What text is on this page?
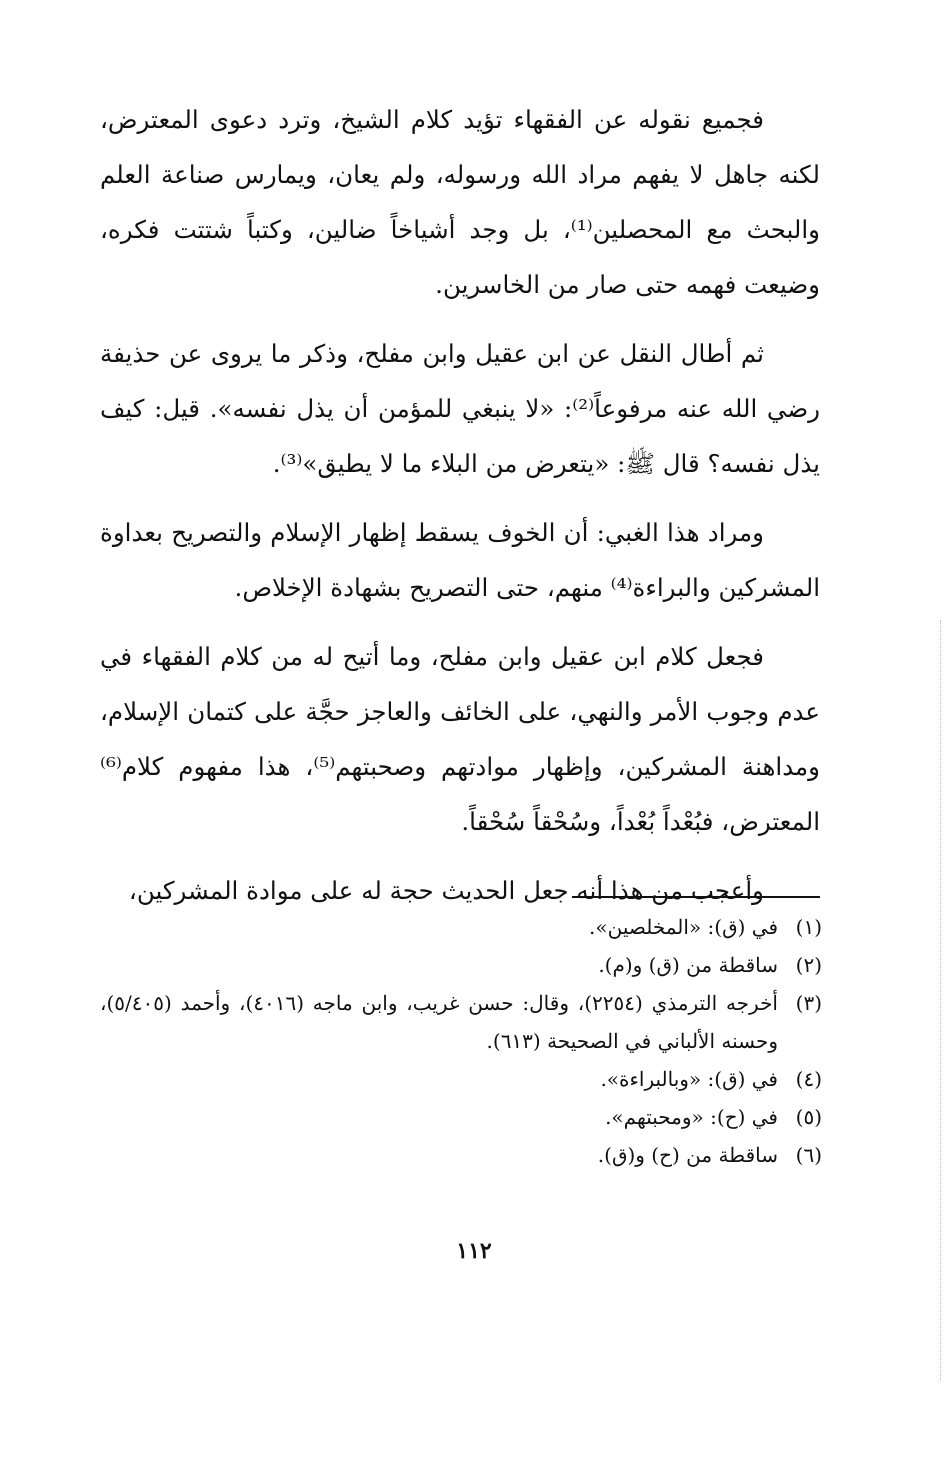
فجميع نقوله عن الفقهاء تؤيد كلام الشيخ، وترد دعوى المعترض، لكنه جاهل لا يفهم مراد الله ورسوله، ولم يعان، ويمارس صناعة العلم والبحث مع المحصلين⁽¹⁾، بل وجد أشياخاً ضالين، وكتباً شتتت فكره، وضيعت فهمه حتى صار من الخاسرين.

ثم أطال النقل عن ابن عقيل وابن مفلح، وذكر ما يروى عن حذيفة رضي الله عنه مرفوعاً⁽²⁾: «لا ينبغي للمؤمن أن يذل نفسه». قيل: كيف يذل نفسه؟ قال ﷺ: «يتعرض من البلاء ما لا يطيق»⁽³⁾.

ومراد هذا الغبي: أن الخوف يسقط إظهار الإسلام والتصريح بعداوة المشركين والبراءة⁽⁴⁾ منهم، حتى التصريح بشهادة الإخلاص.

فجعل كلام ابن عقيل وابن مفلح، وما أتيح له من كلام الفقهاء في عدم وجوب الأمر والنهي، على الخائف والعاجز حجَّة على كتمان الإسلام، ومداهنة المشركين، وإظهار موادتهم وصحبتهم⁽⁵⁾، هذا مفهوم كلام⁽⁶⁾ المعترض، فبُعْداً بُعْداً، وسُحْقاً سُحْقاً.

وأعجب من هذا أنه جعل الحديث حجة له على موادة المشركين،

(١)
في (ق): «المخلصين».
(٢)
ساقطة من (ق) و(م).
(٣)
أخرجه الترمذي (٢٢٥٤)، وقال: حسن غريب، وابن ماجه (٤٠١٦)، وأحمد (٥/٤٠٥)، وحسنه الألباني في الصحيحة (٦١٣).
(٤)
في (ق): «وبالبراءة».
(٥)
في (ح): «ومحبتهم».
(٦)
ساقطة من (ح) و(ق).
١١٢
